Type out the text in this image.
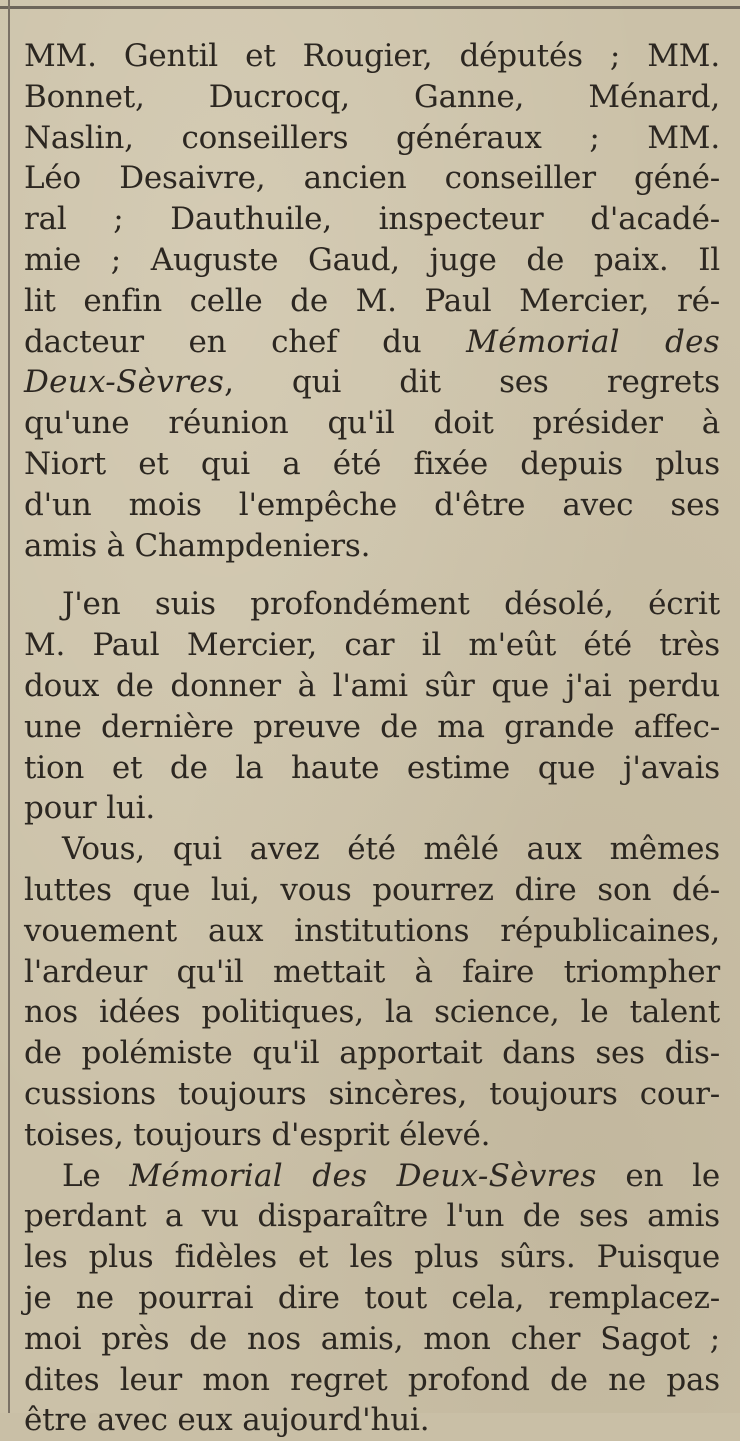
MM. Gentil et Rougier, députés ; MM.
Bonnet, Ducrocq, Ganne, Ménard,
Naslin, conseillers généraux ; MM.
Léo Desaivre, ancien conseiller géné-
ral ; Dauthuile, inspecteur d'acadé-
mie ; Auguste Gaud, juge de paix. Il
lit enfin celle de M. Paul Mercier, ré-
dacteur en chef du Mémorial des
Deux-Sèvres, qui dit ses regrets
qu'une réunion qu'il doit présider à
Niort et qui a été fixée depuis plus
d'un mois l'empêche d'être avec ses
amis à Champdeniers.
J'en suis profondément désolé, écrit
M. Paul Mercier, car il m'eût été très
doux de donner à l'ami sûr que j'ai perdu
une dernière preuve de ma grande affec-
tion et de la haute estime que j'avais
pour lui.
Vous, qui avez été mêlé aux mêmes
luttes que lui, vous pourrez dire son dé-
vouement aux institutions républicaines,
l'ardeur qu'il mettait à faire triompher
nos idées politiques, la science, le talent
de polémiste qu'il apportait dans ses dis-
cussions toujours sincères, toujours cour-
toises, toujours d'esprit élevé.
Le Mémorial des Deux-Sèvres en le
perdant a vu disparaître l'un de ses amis
les plus fidèles et les plus sûrs. Puisque
je ne pourrai dire tout cela, remplacez-
moi près de nos amis, mon cher Sagot ;
dites leur mon regret profond de ne pas
être avec eux aujourd'hui.
